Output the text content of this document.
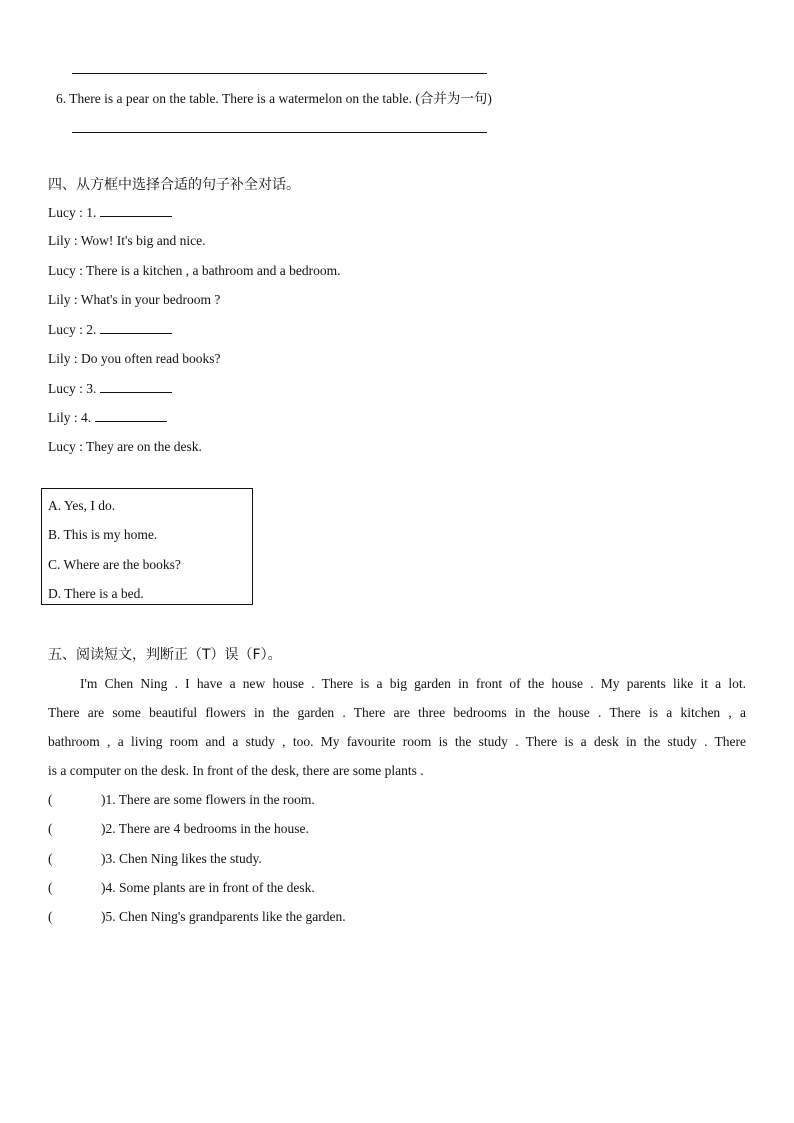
6. There is a pear on the table. There is a watermelon on the table. (合并为一句)
四、从方框中选择合适的句子补全对话。
Lucy : 1.
Lily : Wow! It's big and nice.
Lucy : There is a kitchen , a bathroom and a bedroom.
Lily : What's in your bedroom ?
Lucy : 2.
Lily : Do you often read books?
Lucy : 3.
Lily : 4.
Lucy : They are on the desk.
A. Yes, I do.
B. This is my home.
C. Where are the books?
D. There is a bed.
五、阅读短文，判断正（T）误（F）。
I'm Chen Ning . I have a new house . There is a big garden in front of the house . My parents like it a lot.
There are some beautiful flowers in the garden . There are three bedrooms in the house . There is a kitchen , a
bathroom , a living room and a study , too. My favourite room is the study . There is a desk in the study . There
is a computer on the desk. In front of the desk, there are some plants .
(	)1. There are some flowers in the room.
(	)2. There are 4 bedrooms in the house.
(	)3. Chen Ning likes the study.
(	)4. Some plants are in front of the desk.
(	)5. Chen Ning's grandparents like the garden.
